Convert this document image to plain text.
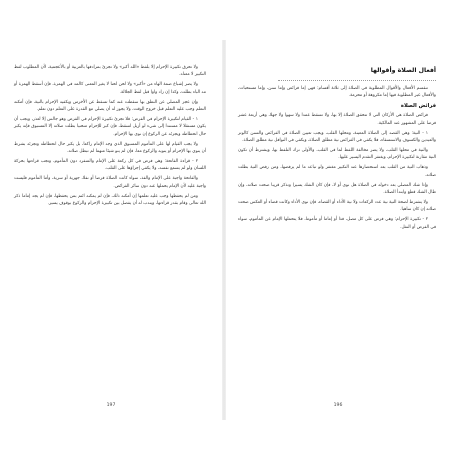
أفعال الصلاة وأقوالها

تنقسم الأفعال والأقوال المطلوبة في الصلاة إلى ثلاثة أقسام: فهي إما فرائض وإما سنن، وإما مستحبات، والأفعال غير المطلوبة فيها إما مكروهة أو محرمة.

فرائض الصلاة

فرائض الصلاة هي الأركان التي لا تتحقق الصلاة إلا بها، ولا تسقط عمدا ولا سهوا ولا جهلا، وهي أربعة عشر فرضا على المشهور عند المالكية.

١ - النية: وهي القصد إلى الصلاة المعينة، ومحلها القلب، ويجب تعيين الصلاة في الفرائض والسنن كالوتر والعيدين والكسوف والاستسقاء، فلا يكفي في الفرائض نية مطلق الصلاة، ويكفي في النوافل نية مطلق الصلاة.

والنية في محلها القلب، ولا يضر مخالفة اللفظ لما في القلب، والأولى ترك التلفظ بها، ويشترط أن تكون النية مقارنة لتكبيرة الإحرام، ويغتفر التقدم اليسير عليها.

وذهاب النية من القلب بعد استحضارها عند التكبير مغتفر ولو تباعد ما لم يرفضها، ومن رفض النية بطلت صلاته.

وإذا شك المصلي بعد دخوله في الصلاة هل نوى أو لا، فإن كان الشك يسيرا وتذكر قريبا صحت صلاته، وإن طال الشك قطع وابتدأ الصلاة.

ولا يشترط لصحة النية نية عدد الركعات ولا نية الأداء أو القضاء، فإن نوى الأداء وكانت قضاء أو العكس صحت صلاته إن كان ساهيا.

٢ - تكبيرة الإحرام: وهي فرض على كل مصل، فذا أو إماما أو مأموما، فلا يتحملها الإمام عن المأموم، سواء في الفرض أو النفل.

196

ولا تحرق تكبيرة الإحرام إلا بلفظ «الله أكبر» ولا تجزئ بمرادفها بالعربية أو بالأعجمية، لأن المطلوب لفظ التكبير لا معناه.

ولا يضر إشباع ضمة الهاء من «أكبر» ولا لحن لحنا لا يغير المعنى كالمد في الهمزة، فإن أسقط الهمزة أو مد الباء بطلت، وكذا إن زاد واوا قبل لفظ الجلالة.

وإن عجز المصلي عن النطق بها سقطت عنه كما تسقط عن الأخرس ويكفيه الإحرام بالنية، فإن أمكنه التعلم وجب عليه التعلم قبل خروج الوقت، ولا يجوز له أن يصلي مع القدرة على التعلم دون تعلم.

١ - القيام لتكبيرة الإحرام في الفرض: فلا تجزئ تكبيرة الإحرام في الفرض وهو جالس إلا لعذر، ويجب أن يكون مستقلا لا مستندا إلى شيء لو أزيل لسقط، فإن كبر للإحرام منحنيا بطلت صلاته إلا المسبوق فإنه يكبر حال انحطاطه ويجزئه عن الركوع إن نوى بها الإحرام.

ولا يجب القيام لها على المأموم المسبوق الذي وجد الإمام راكعا، بل يكبر حال انحطاطه وتجزئه بشرط أن ينوي بها الإحرام أو ينويه والركوع معا، فإن لم ينو شيئا منهما لم تبطل صلاته.

٢ - قراءة الفاتحة: وهي فرض في كل ركعة على الإمام والمنفرد دون المأموم، وتجب قراءتها بحركة اللسان ولو لم يسمع نفسه، ولا يكفي إجراؤها على القلب.

والفاتحة واجبة على الإمام والفذ، سواء كانت الصلاة فرضا أو نفلا، جهرية أو سرية، وأما المأموم فليست واجبة عليه لأن الإمام يحملها عنه دون سائر الفرائض.

ومن لم يحفظها وجب عليه تعلمها إن أمكنه ذلك، فإن لم يمكنه ائتم بمن يحفظها، فإن لم يجد إماما ذكر الله تعالى وقام بقدر قراءتها، ويندب له أن يفصل بين تكبيرة الإحرام والركوع بوقوف يسير.

197
